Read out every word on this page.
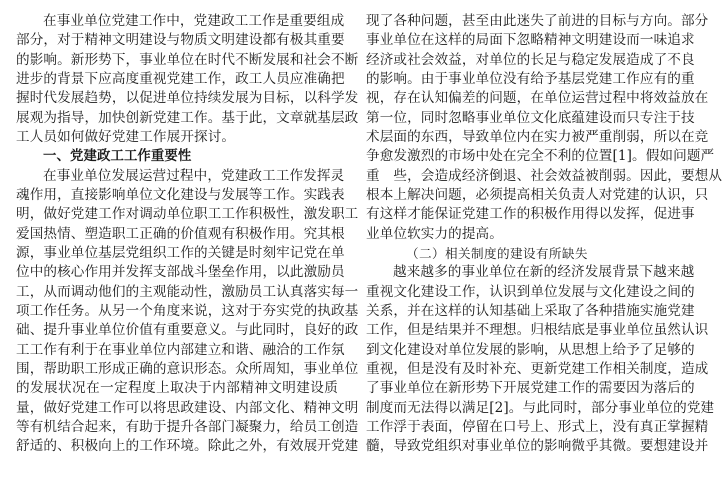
在事业单位党建工作中，党建政工工作是重要组成
部分，对于精神文明建设与物质文明建设都有极其重要
的影响。新形势下，事业单位在时代不断发展和社会不断
进步的背景下应高度重视党建工作，政工人员应准确把
握时代发展趋势，以促进单位持续发展为目标，以科学发
展观为指导，加快创新党建工作。基于此，文章就基层政
工人员如何做好党建工作展开探讨。
一、党建政工工作重要性
在事业单位发展运营过程中，党建政工工作发挥灵
魂作用，直接影响单位文化建设与发展等工作。实践表
明，做好党建工作对调动单位职工工作积极性，激发职工
爱国热情、塑造职工正确的价值观有积极作用。究其根
源，事业单位基层党组织工作的关键是时刻牢记党在单
位中的核心作用并发挥支部战斗堡垒作用，以此激励员
工，从而调动他们的主观能动性，激励员工认真落实每一
项工作任务。从另一个角度来说，这对于夯实党的执政基
础、提升事业单位价值有重要意义。与此同时，良好的政
工工作有利于在事业单位内部建立和谐、融洽的工作氛
围，帮助职工形成正确的意识形态。众所周知，事业单位
的发展状况在一定程度上取决于内部精神文明建设质
量，做好党建工作可以将思政建设、内部文化、精神文明
等有机结合起来，有助于提升各部门凝聚力，给员工创造
舒适的、积极向上的工作环境。除此之外，有效展开党建
现了各种问题，甚至由此迷失了前进的目标与方向。部分
事业单位在这样的局面下忽略精神文明建设而一味追求
经济或社会效益，对单位的长足与稳定发展造成了不良
的影响。由于事业单位没有给予基层党建工作应有的重
视，存在认知偏差的问题，在单位运营过程中将效益放在
第一位，同时忽略事业单位文化底蕴建设而只专注于技
术层面的东西，导致单位内在实力被严重削弱，所以在竞
争愈发激烈的市场中处在完全不利的位置[1]。假如问题严
重　些，会造成经济倒退、社会效益被削弱。因此，要想从
根本上解决问题，必须提高相关负责人对党建的认识，只
有这样才能保证党建工作的积极作用得以发挥，促进事
业单位软实力的提高。
（二）相关制度的建设有所缺失
越来越多的事业单位在新的经济发展背景下越来越
重视文化建设工作，认识到单位发展与文化建设之间的
关系，并在这样的认知基础上采取了各种措施实施党建
工作，但是结果并不理想。归根结底是事业单位虽然认识
到文化建设对单位发展的影响，从思想上给予了足够的
重视，但是没有及时补充、更新党建工作相关制度，造成
了事业单位在新形势下开展党建工作的需要因为落后的
制度而无法得以满足[2]。与此同时，部分事业单位的党建
工作浮于表面，停留在口号上、形式上，没有真正掌握精
髓，导致党组织对事业单位的影响微乎其微。要想建设并
